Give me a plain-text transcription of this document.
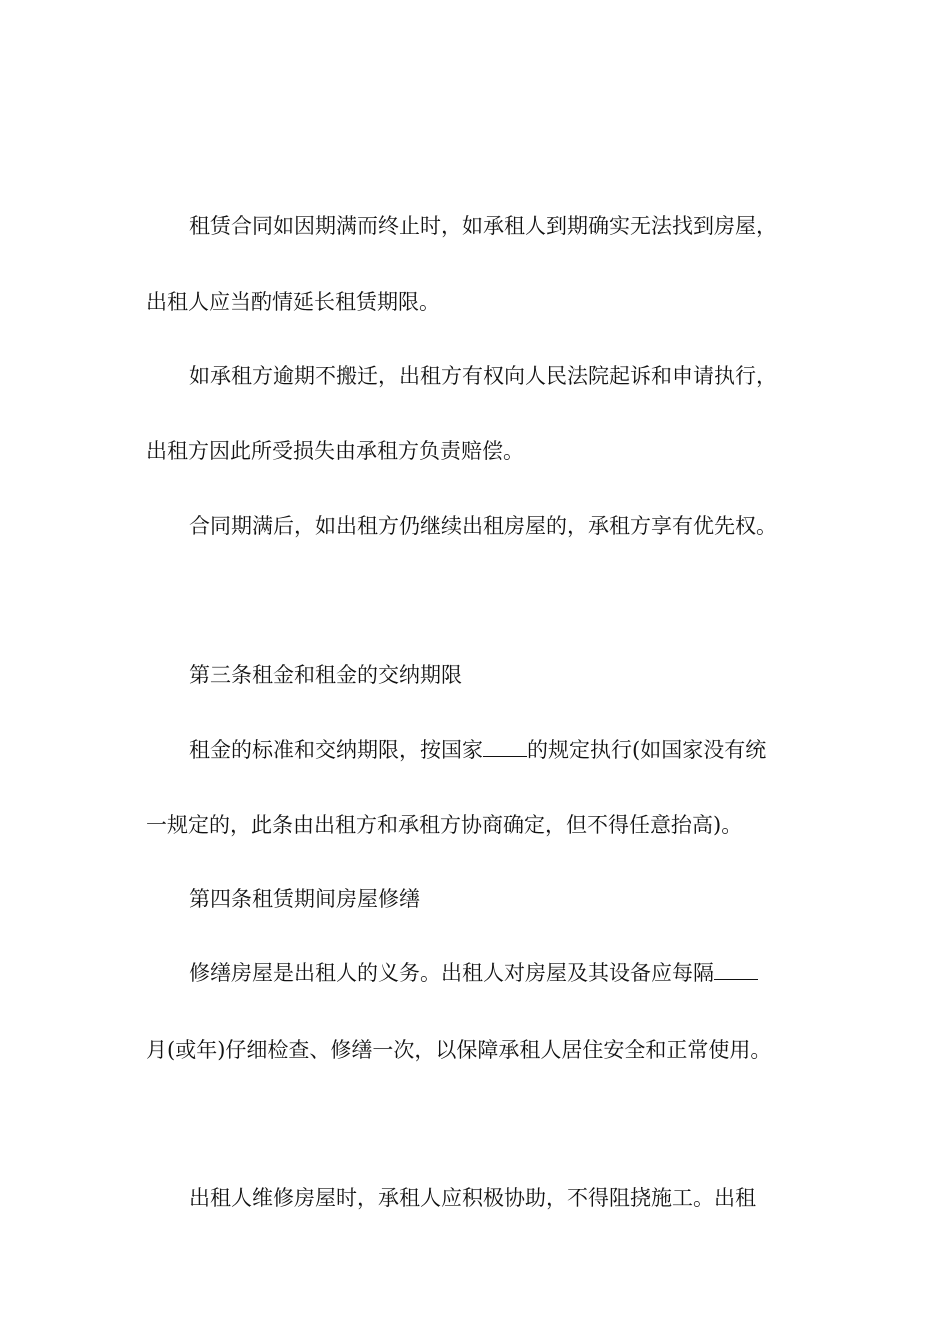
租赁合同如因期满而终止时，如承租人到期确实无法找到房屋，

出租人应当酌情延长租赁期限。

如承租方逾期不搬迁，出租方有权向人民法院起诉和申请执行，

出租方因此所受损失由承租方负责赔偿。

合同期满后，如出租方仍继续出租房屋的，承租方享有优先权。

第三条租金和租金的交纳期限

租金的标准和交纳期限，按国家 的规定执行(如国家没有统

一规定的，此条由出租方和承租方协商确定，但不得任意抬高)。

第四条租赁期间房屋修缮

修缮房屋是出租人的义务。出租人对房屋及其设备应每隔

月(或年)仔细检查、修缮一次，以保障承租人居住安全和正常使用。

出租人维修房屋时，承租人应积极协助，不得阻挠施工。出租
